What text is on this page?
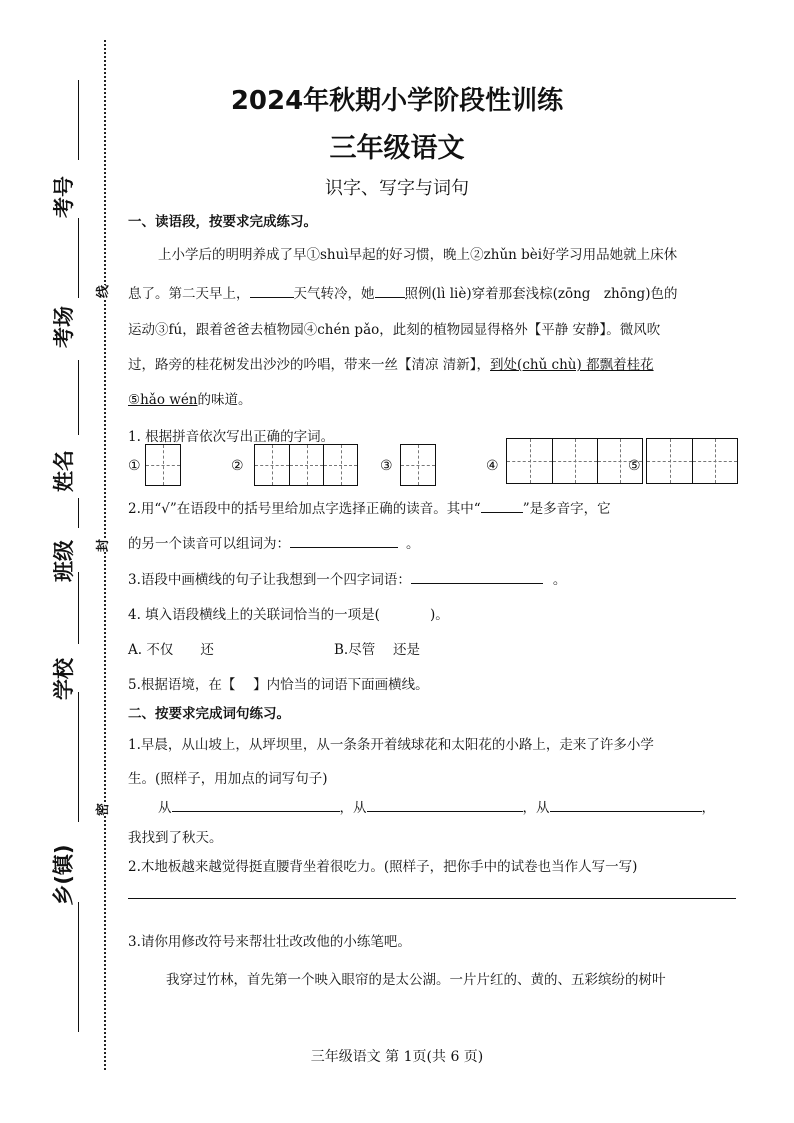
线
封
密
考号
考场
姓名
班级
学校
乡(镇)
2024年秋期小学阶段性训练
三年级语文
识字、写字与词句
一、读语段，按要求完成练习。
上小学后的明明养成了早①shuì早起的好习惯，晚上②zhǔn bèi好学习用品她就上床休
息了。第二天早上，	天气转冷，她 照例(lì liè)穿着那套浅棕(zōng　zhōng)色的
运动③fú，跟着爸爸去植物园④chén pǎo，此刻的植物园显得格外【平静 安静】。微风吹
过，路旁的桂花树发出沙沙的吟唱，带来一丝【清凉 清新】，到处(chǔ chù) 都飘着桂花
⑤hǎo wén的味道。
1. 根据拼音依次写出正确的字词。
①	②	③	④	⑤
2.用“√”在语段中的括号里给加点字选择正确的读音。其中“	”是多音字，它
的另一个读音可以组词为：	。
3.语段中画横线的句子让我想到一个四字词语：	。
4. 填入语段横线上的关联词恰当的一项是(	)。
A. 不仅　　还	B.尽管　 还是
5.根据语境，在【　 】内恰当的词语下面画横线。
二、按要求完成词句练习。
1.早晨，从山坡上，从坪坝里，从一条条开着绒球花和太阳花的小路上，走来了许多小学
生。(照样子，用加点的词写句子)
从	，从	，从	，
我找到了秋天。
2.木地板越来越觉得挺直腰背坐着很吃力。(照样子，把你手中的试卷也当作人写一写)
3.请你用修改符号来帮壮壮改改他的小练笔吧。
我穿过竹林，首先第一个映入眼帘的是太公湖。一片片红的、黄的、五彩缤纷的树叶
三年级语文 第 1页(共 6 页)
